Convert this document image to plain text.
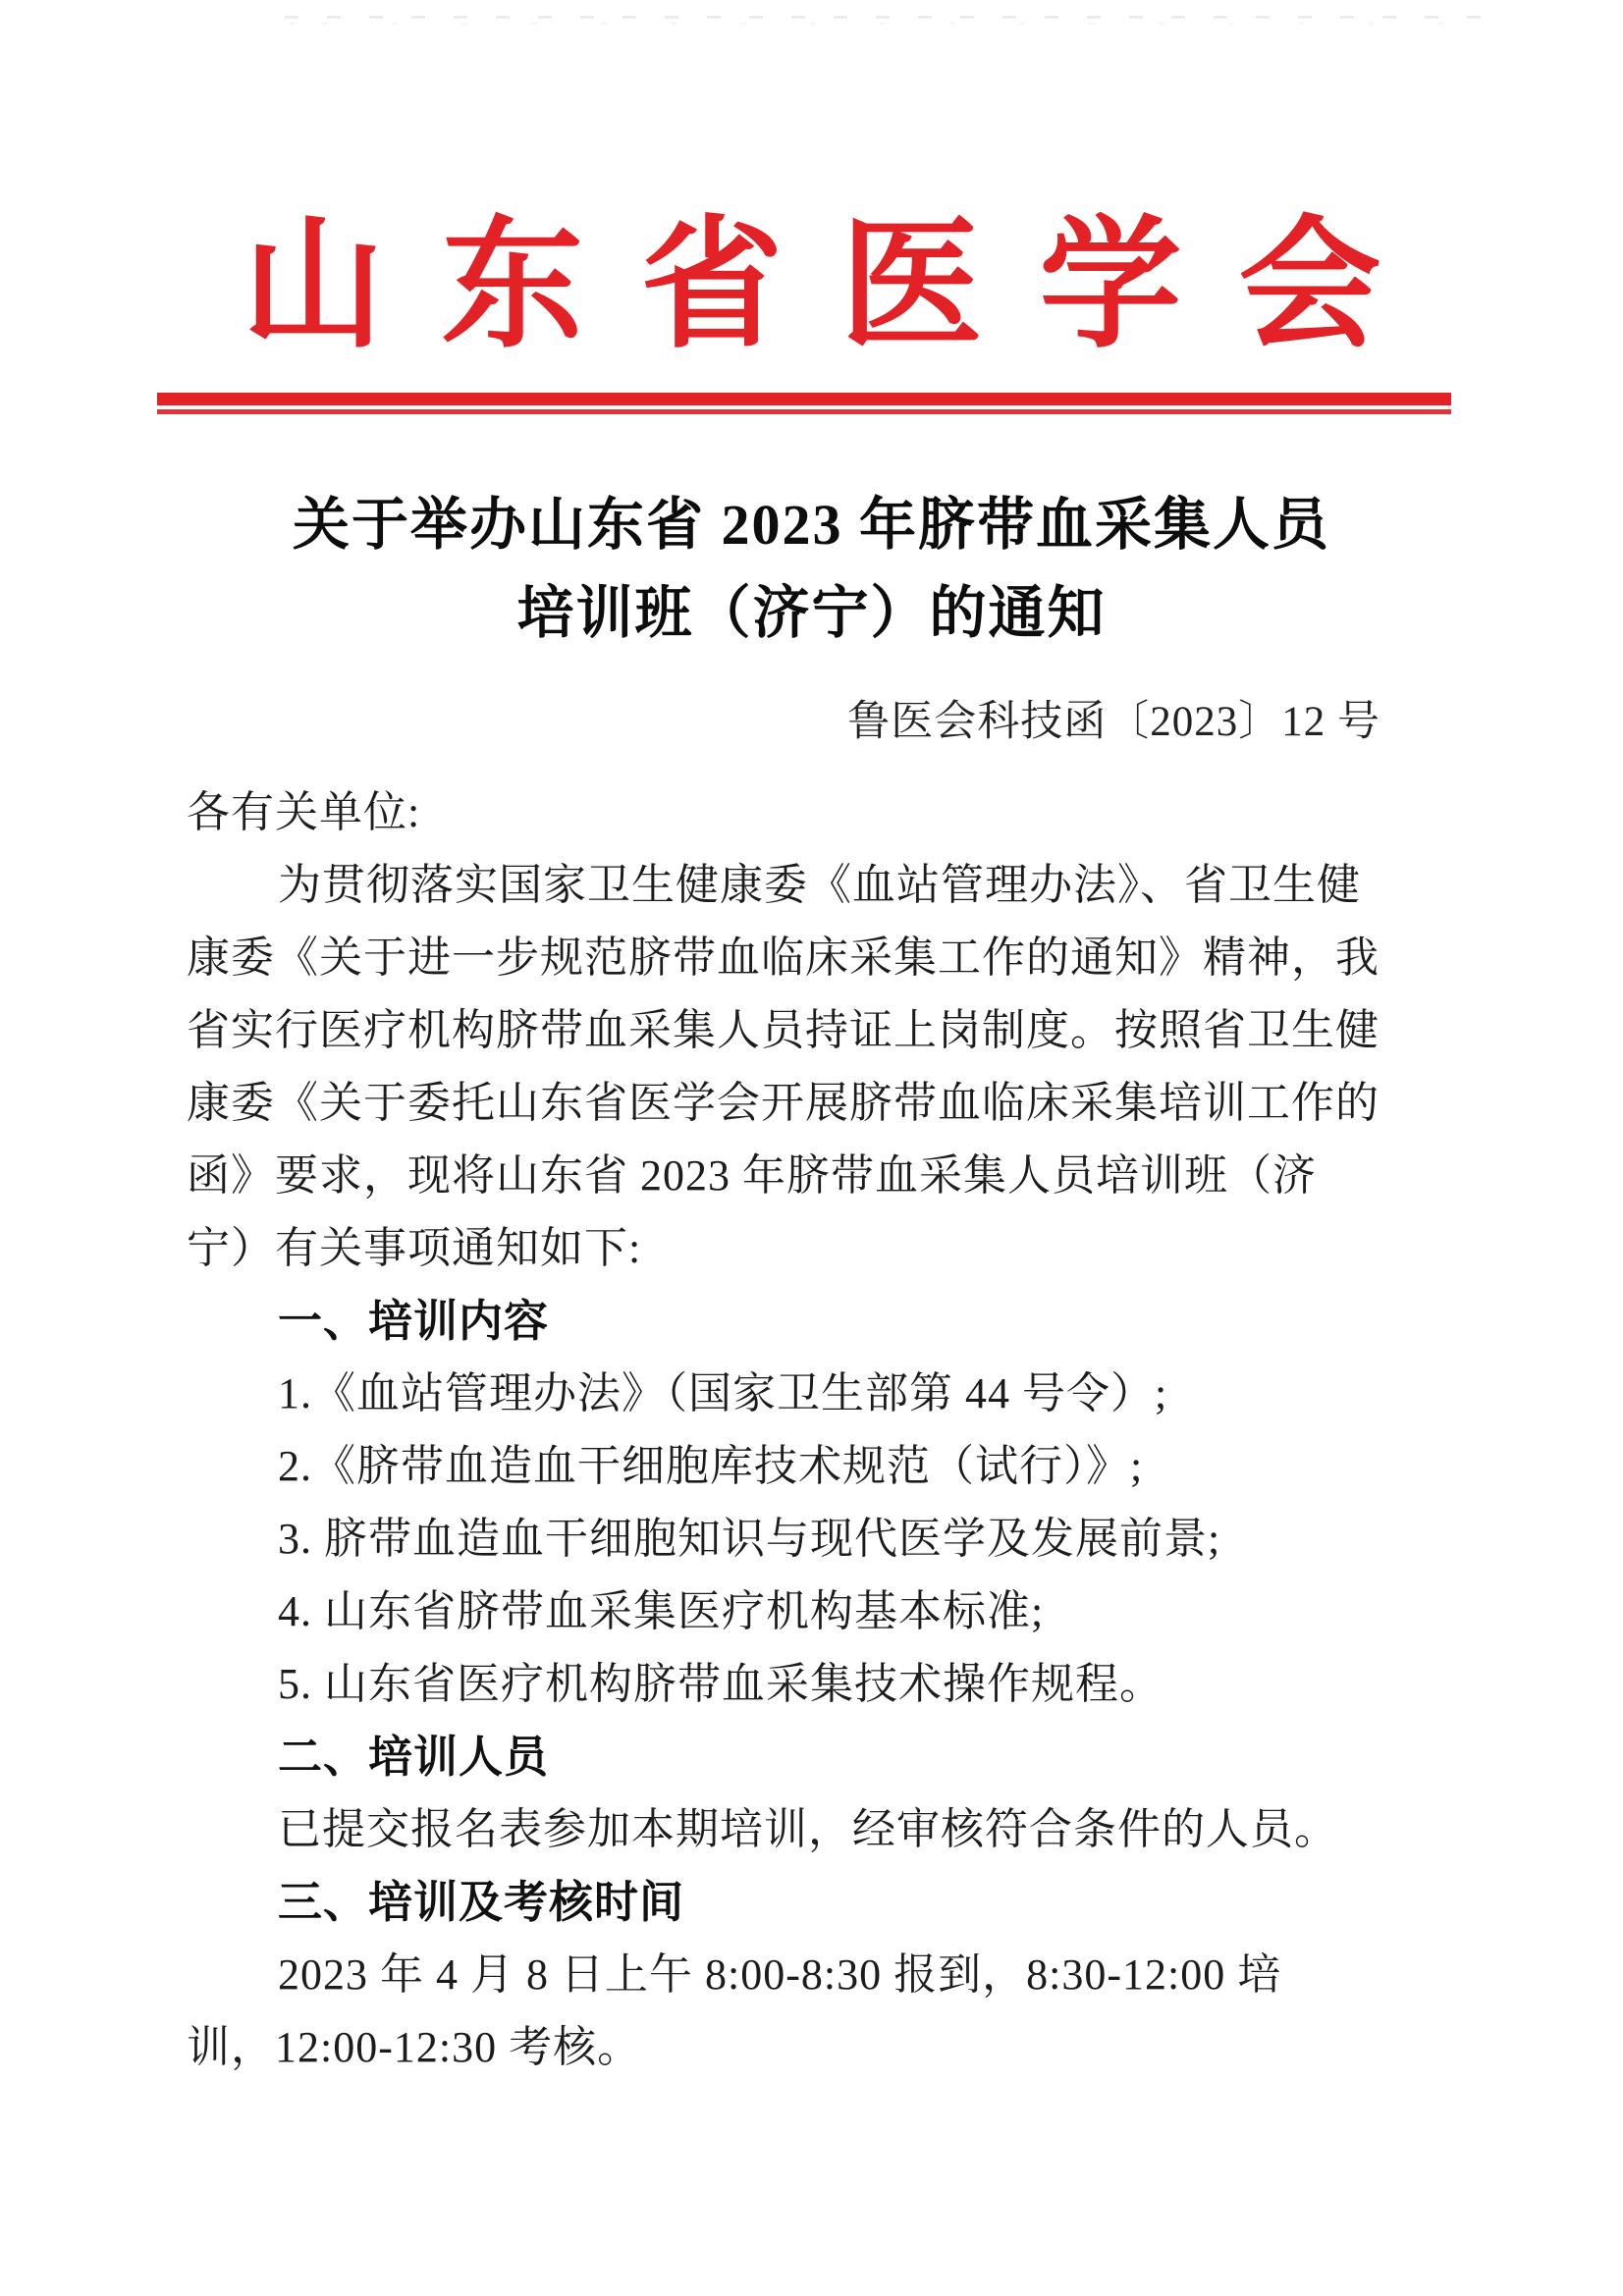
山东省医学会
关于举办山东省 2023 年脐带血采集人员
培训班（济宁）的通知
鲁医会科技函〔2023〕12 号
各有关单位:
为贯彻落实国家卫生健康委《血站管理办法》、省卫生健
康委《关于进一步规范脐带血临床采集工作的通知》精神，我
省实行医疗机构脐带血采集人员持证上岗制度。按照省卫生健
康委《关于委托山东省医学会开展脐带血临床采集培训工作的
函》要求，现将山东省 2023 年脐带血采集人员培训班（济
宁）有关事项通知如下:
一、培训内容
1.《血站管理办法》（国家卫生部第 44 号令）;
2.《脐带血造血干细胞库技术规范（试行）》;
3. 脐带血造血干细胞知识与现代医学及发展前景;
4. 山东省脐带血采集医疗机构基本标准;
5. 山东省医疗机构脐带血采集技术操作规程。
二、培训人员
已提交报名表参加本期培训，经审核符合条件的人员。
三、培训及考核时间
2023 年 4 月 8 日上午 8:00-8:30 报到，8:30-12:00 培
训，12:00-12:30 考核。
